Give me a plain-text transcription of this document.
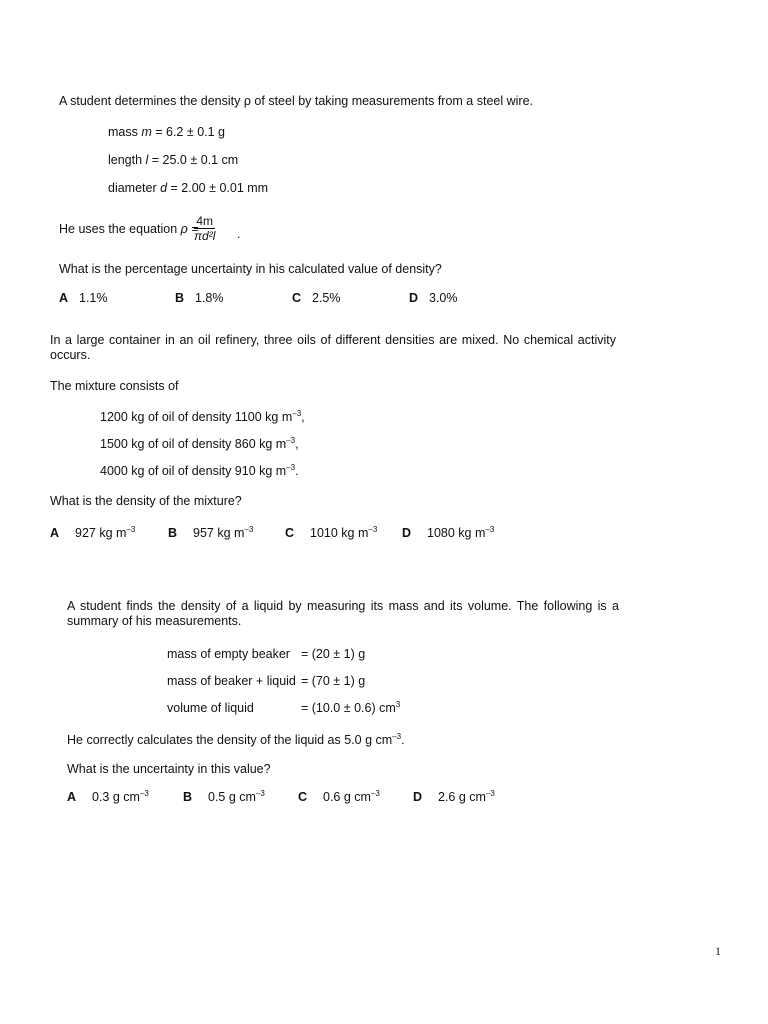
A student determines the density ρ of steel by taking measurements from a steel wire.
mass m = 6.2 ± 0.1 g
length l = 25.0 ± 0.1 cm
diameter d = 2.00 ± 0.01 mm
He uses the equation ρ =
$\frac{4m}{\text{πd²l}}$ .
What is the percentage uncertainty in his calculated value of density?
A 1.1%	B 1.8%	C 2.5%	D 3.0%
In a large container in an oil refinery, three oils of different densities are mixed. No chemical activity occurs.
The mixture consists of
1200 kg of oil of density 1100 kg $m^{-3}$,
1500 kg of oil of density 860 kg $m^{-3}$,
4000 kg of oil of density 910 kg $m^{-3}$.
What is the density of the mixture?
A 927 kg $m^{-3}$	B 957 kg $m^{-3}$	C 1010 kg $m^{-3}$ D 1080 kg $m^{-3}$
A student finds the density of a liquid by measuring its mass and its volume. The following is a summary of his measurements.
mass of empty beaker = (20 ± 1) g
mass of beaker + liquid = (70 ± 1) g
volume of liquid	= (10.0 ± 0.6) $cm^3$
He correctly calculates the density of the liquid as 5.0 g $cm^{-3}$.
What is the uncertainty in this value?
A 0.3 g $cm^{-3}$	B 0.5 g $cm^{-3}$	C 0.6 g $cm^{-3}$	D 2.6 g $cm^{-3}$
1
